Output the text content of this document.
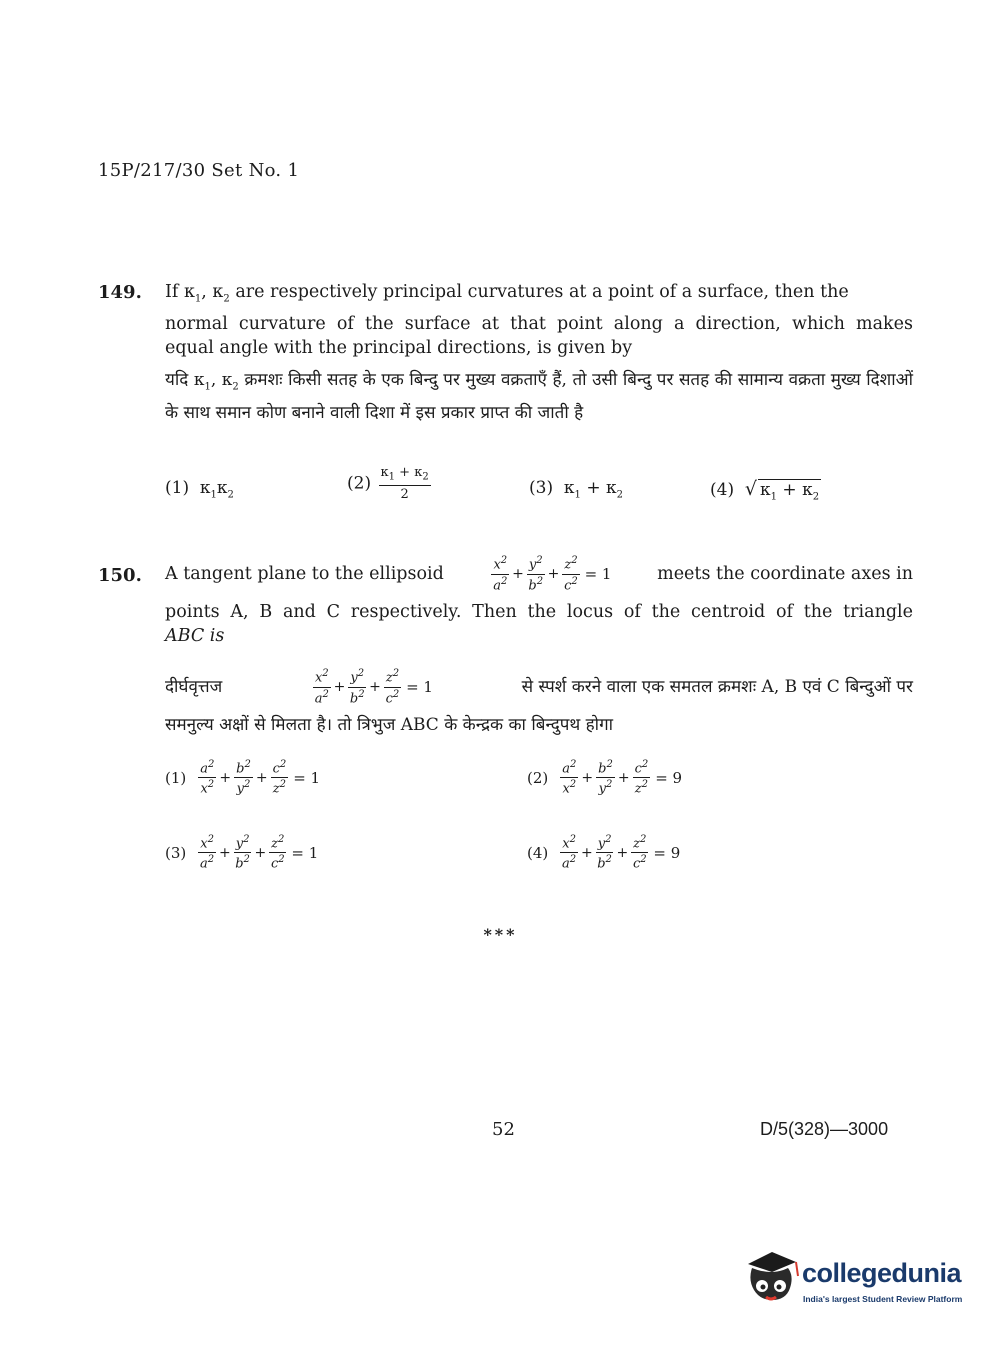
15P/217/30 Set No. 1
149. If $\kappa_1$, $\kappa_2$ are respectively principal curvatures at a point of a surface, then the
normal curvature of the surface at that point along a direction, which makes
equal angle with the principal directions, is given by
यदि $\kappa_1$, $\kappa_2$ क्रमशः किसी सतह के एक बिन्दु पर मुख्य वक्रताएँ हैं, तो उसी बिन्दु पर सतह की सामान्य वक्रता मुख्य दिशाओं के साथ समान कोण बनाने वाली दिशा में इस प्रकार प्राप्त की जाती है
(1) $\kappa_1\kappa_2$
$(2) \frac{\kappa_1 + \kappa_2}{2}$	(3) $\kappa_1 + \kappa_2$	(4) √ $\kappa_1 + \kappa_2$
150. A tangent plane to the ellipsoid	$\frac{x^2}{a^2} + \frac{y^2}{b^2} + \frac{z^2}{c^2} = 1$	meets the coordinate axes in
points A, B and C respectively. Then the locus of the centroid of the triangle
ABC is
दीर्घवृत्तज	$\frac{x^2}{a^2} + \frac{y^2}{b^2} + \frac{z^2}{c^2} = 1$	से स्पर्श करने वाला एक समतल क्रमशः A, B एवं C बिन्दुओं पर
समनुल्य अक्षों से मिलता है। तो त्रिभुज ABC के केन्द्रक का बिन्दुपथ होगा
$(1) \frac{a^2}{x^2} + \frac{b^2}{y^2} + \frac{c^2}{z^2} = 1$	$(2) \frac{a^2}{x^2} + \frac{b^2}{y^2} + \frac{c^2}{z^2} = 9$
$(3) \frac{x^2}{a^2} + \frac{y^2}{b^2} + \frac{z^2}{c^2} = 1$	$(4) \frac{x^2}{a^2} + \frac{y^2}{b^2} + \frac{z^2}{c^2} = 9$
***
52	D/5(328)—3000
collegedunia
India's largest Student Review Platform
